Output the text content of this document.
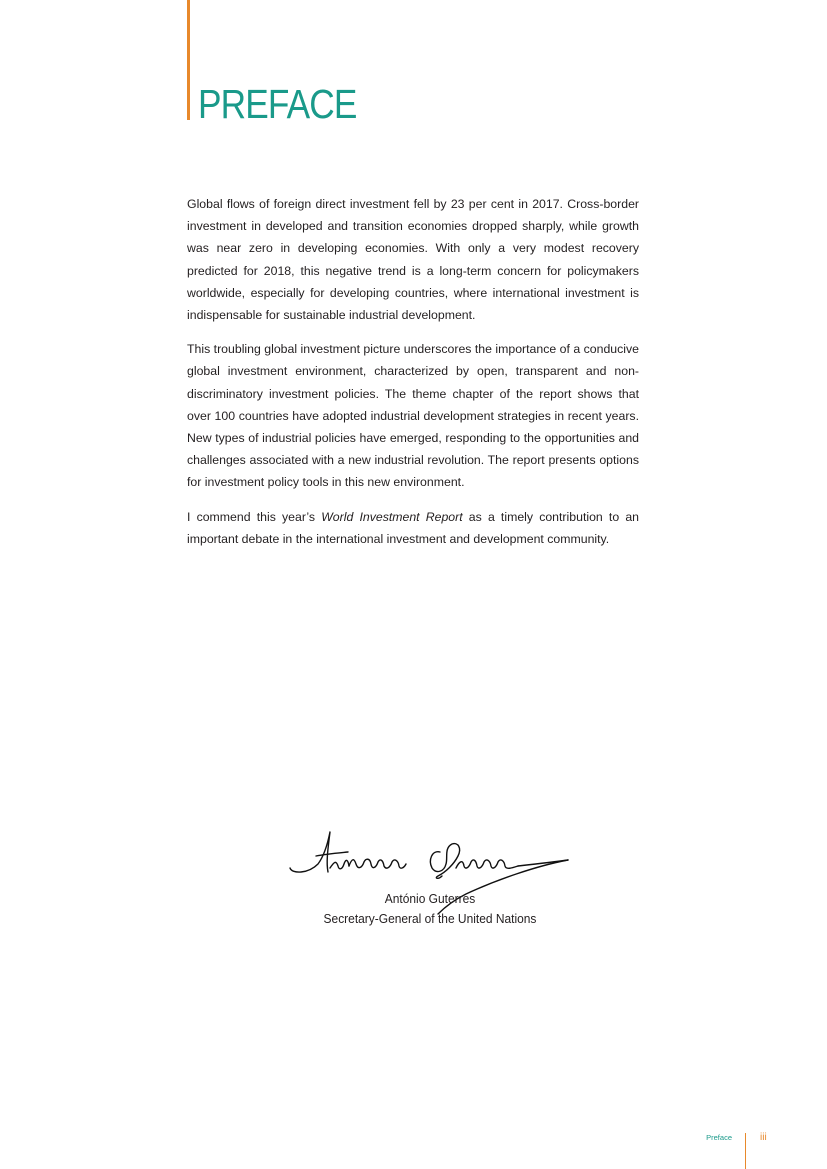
PREFACE

Global flows of foreign direct investment fell by 23 per cent in 2017. Cross-border investment in developed and transition economies dropped sharply, while growth was near zero in developing economies. With only a very modest recovery predicted for 2018, this negative trend is a long-term concern for policymakers worldwide, especially for developing countries, where international investment is indispensable for sustainable industrial development.

This troubling global investment picture underscores the importance of a conducive global investment environment, characterized by open, transparent and non-discriminatory investment policies. The theme chapter of the report shows that over 100 countries have adopted industrial development strategies in recent years. New types of industrial policies have emerged, responding to the opportunities and challenges associated with a new industrial revolution. The report presents options for investment policy tools in this new environment.

I commend this year’s World Investment Report as a timely contribution to an important debate in the international investment and development community.

António Guterres
Secretary-General of the United Nations
Preface	iii
